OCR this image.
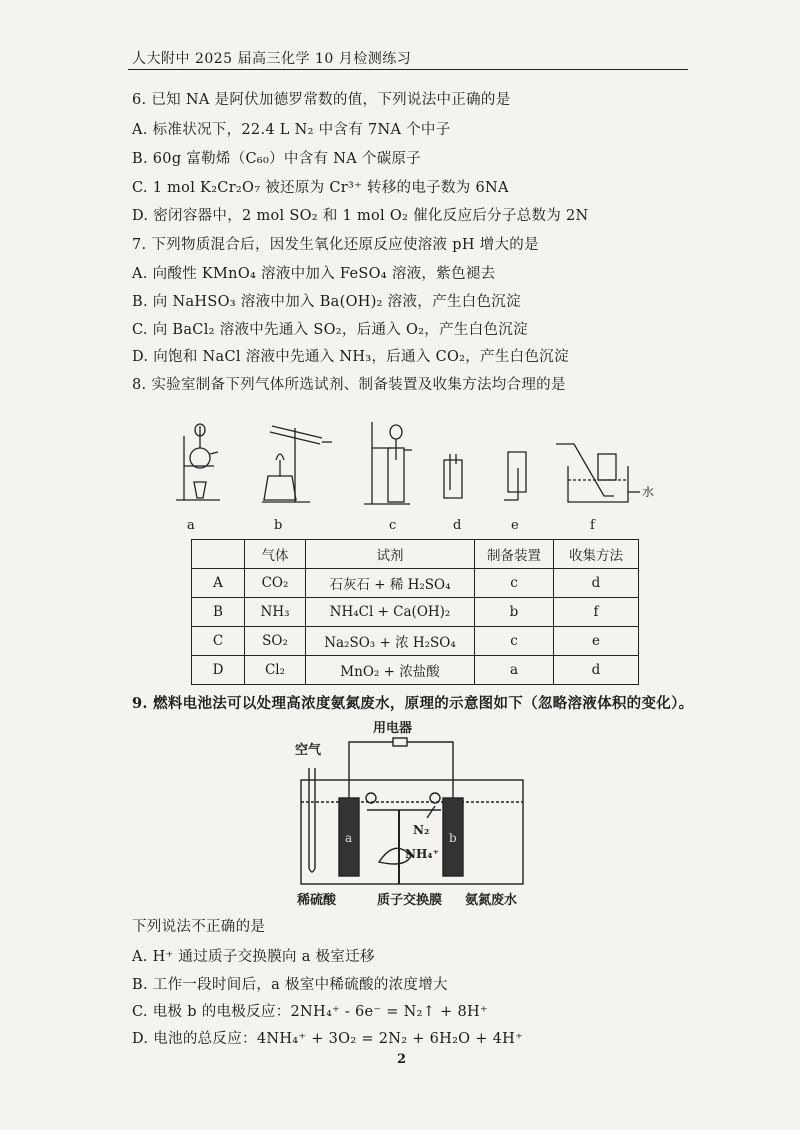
人大附中 2025 届高三化学 10 月检测练习
6. 已知 NA 是阿伏加德罗常数的值，下列说法中正确的是
A. 标准状况下，22.4 L N₂ 中含有 7NA 个中子
B. 60g 富勒烯（C₆₀）中含有 NA 个碳原子
C. 1 mol K₂Cr₂O₇ 被还原为 Cr³⁺ 转移的电子数为 6NA
D. 密闭容器中，2 mol SO₂ 和 1 mol O₂ 催化反应后分子总数为 2N
7. 下列物质混合后，因发生氧化还原反应使溶液 pH 增大的是
A. 向酸性 KMnO₄ 溶液中加入 FeSO₄ 溶液，紫色褪去
B. 向 NaHSO₃ 溶液中加入 Ba(OH)₂ 溶液，产生白色沉淀
C. 向 BaCl₂ 溶液中先通入 SO₂，后通入 O₂，产生白色沉淀
D. 向饱和 NaCl 溶液中先通入 NH₃，后通入 CO₂，产生白色沉淀
8. 实验室制备下列气体所选试剂、制备装置及收集方法均合理的是
水
a	b	c	d	e	f
	气体	试剂	制备装置	收集方法
A	CO₂	石灰石 + 稀 H₂SO₄	c	d
B	NH₃	NH₄Cl + Ca(OH)₂	b	f
C	SO₂	Na₂SO₃ + 浓 H₂SO₄	c	e
D	Cl₂	MnO₂ + 浓盐酸	a	d
9. 燃料电池法可以处理高浓度氨氮废水，原理的示意图如下（忽略溶液体积的变化）。
用电器
空气
a	b
N₂
NH₄⁺
稀硫酸	质子交换膜 氨氮废水
下列说法不正确的是
A. H⁺ 通过质子交换膜向 a 极室迁移
B. 工作一段时间后，a 极室中稀硫酸的浓度增大
C. 电极 b 的电极反应：2NH₄⁺ - 6e⁻ = N₂↑ + 8H⁺
D. 电池的总反应：4NH₄⁺ + 3O₂ = 2N₂ + 6H₂O + 4H⁺
2
